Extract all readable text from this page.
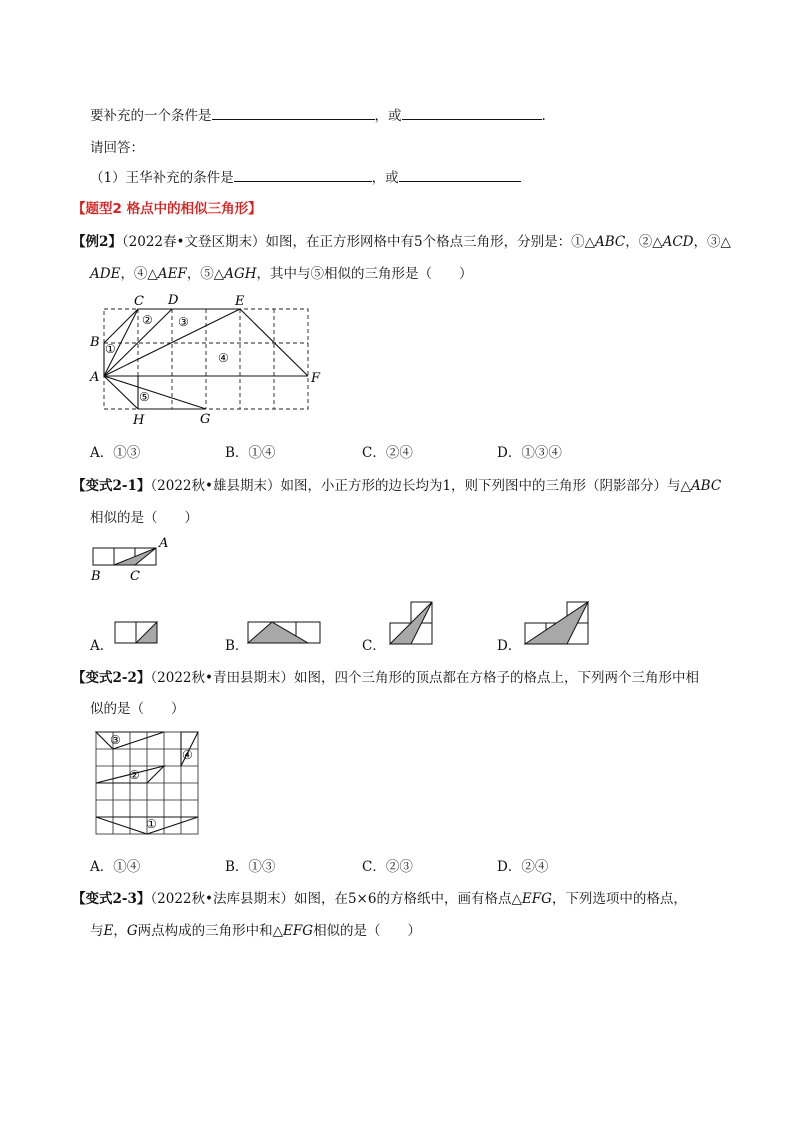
要补充的一个条件是	，或	.
请回答：
（1）王华补充的条件是	，或
【题型2 格点中的相似三角形】
【例2】（2022春•文登区期末）如图，在正方形网格中有5个格点三角形，分别是：①△ABC，②△ACD，③△
ADE，④△AEF，⑤△AGH，其中与⑤相似的三角形是（　　）
B
A
C D	E
F
G
H
①
② ③
④
⑤
A．①③	B．①④	C．②④	D．①③④
【变式2-1】（2022秋•雄县期末）如图，小正方形的边长均为1，则下列图中的三角形（阴影部分）与△ABC
相似的是（　　）
A
B C
A．	B．	C．	D．
【变式2-2】（2022秋•青田县期末）如图，四个三角形的顶点都在方格子的格点上，下列两个三角形中相
似的是（　　）
③
②
④
①
A．①④	B．①③	C．②③	D．②④
【变式2-3】（2022秋•法库县期末）如图，在5×6的方格纸中，画有格点△EFG，下列选项中的格点，
与E，G两点构成的三角形中和△EFG相似的是（　　）
